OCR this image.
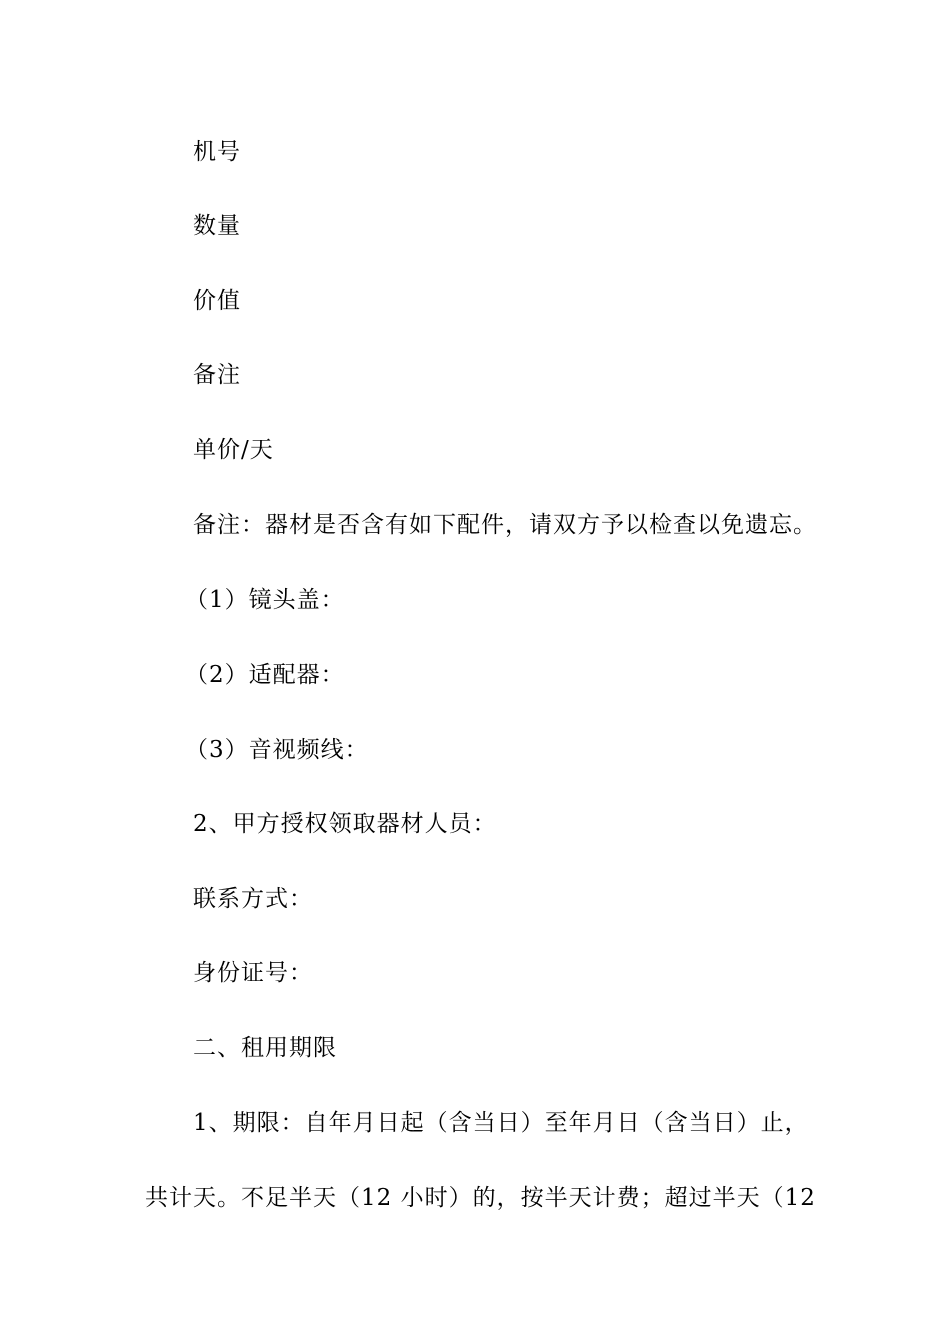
机号
数量
价值
备注
单价/天
备注：器材是否含有如下配件，请双方予以检查以免遗忘。
（1）镜头盖：
（2）适配器：
（3）音视频线：
2、甲方授权领取器材人员：
联系方式：
身份证号：
二、租用期限
1、期限：自年月日起（含当日）至年月日（含当日）止，
共计天。不足半天（12 小时）的，按半天计费；超过半天（12
